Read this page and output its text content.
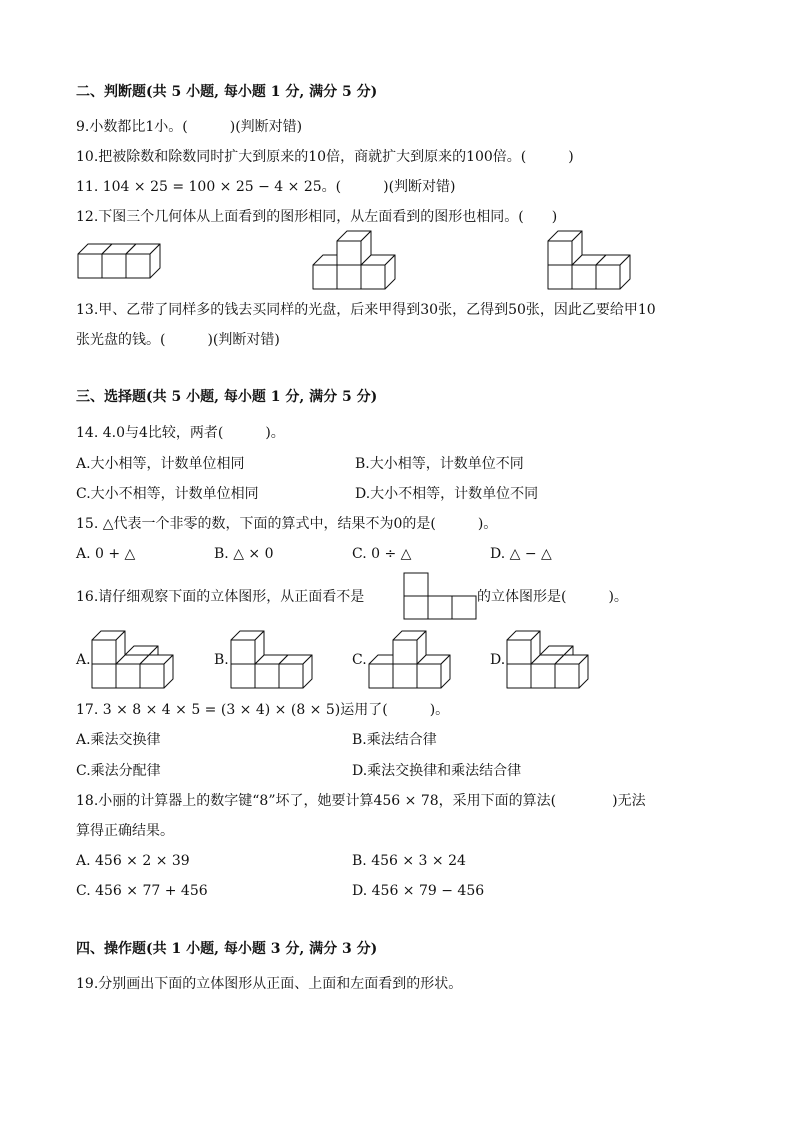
二、判断题(共 5 小题, 每小题 1 分, 满分 5 分)
9.小数都比1小。(　　　)(判断对错)
10.把被除数和除数同时扩大到原来的10倍，商就扩大到原来的100倍。(　　　)
11. 104 × 25 = 100 × 25 − 4 × 25。(　　　)(判断对错)
12.下图三个几何体从上面看到的图形相同，从左面看到的图形也相同。(　　)
13.甲、乙带了同样多的钱去买同样的光盘，后来甲得到30张，乙得到50张，因此乙要给甲10
张光盘的钱。(　　　)(判断对错)
三、选择题(共 5 小题, 每小题 1 分, 满分 5 分)
14. 4.0与4比较，两者(　　　)。
A.大小相等，计数单位相同	B.大小相等，计数单位不同
C.大小不相等，计数单位相同	D.大小不相等，计数单位不同
15. △代表一个非零的数，下面的算式中，结果不为0的是(　　　)。
A. 0 + △	B. △ × 0	C. 0 ÷ △	D. △ − △
16.请仔细观察下面的立体图形，从正面看不是	的立体图形是(　　　)。
A.	B.	C.	D.
17. 3 × 8 × 4 × 5 = (3 × 4) × (8 × 5)运用了(　　　)。
A.乘法交换律	B.乘法结合律
C.乘法分配律	D.乘法交换律和乘法结合律
18.小丽的计算器上的数字键“8”坏了，她要计算456 × 78，采用下面的算法(　　　　)无法
算得正确结果。
A. 456 × 2 × 39	B. 456 × 3 × 24
C. 456 × 77 + 456	D. 456 × 79 − 456
四、操作题(共 1 小题, 每小题 3 分, 满分 3 分)
19.分别画出下面的立体图形从正面、上面和左面看到的形状。
